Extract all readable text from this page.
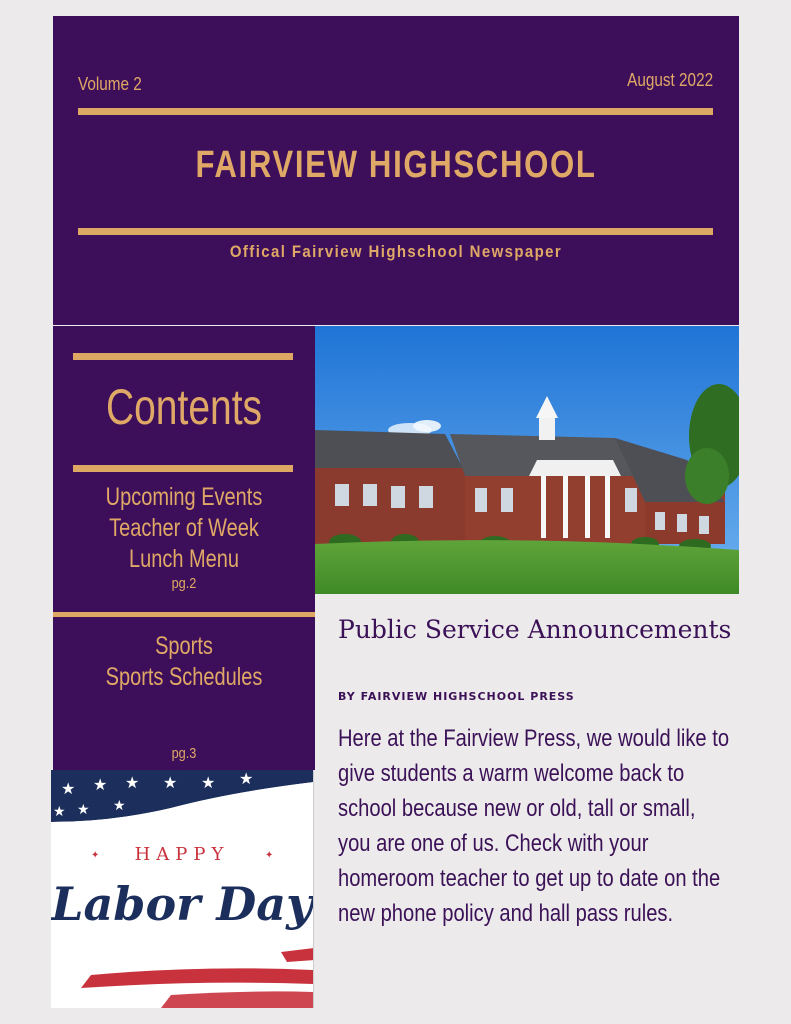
Volume 2	August 2022
FAIRVIEW HIGHSCHOOL
Offical Fairview Highschool Newspaper
Contents
Upcoming Events
Teacher of Week
Lunch Menu
pg.2
Sports
Sports Schedules
pg.3
★ ★ ★ ★ ★ ★
★ ★
★
HAPPY
✦	✦
Labor Day
Public Service Announcements
BY FAIRVIEW HIGHSCHOOL PRESS
Here at the Fairview Press, we would like to give students a warm welcome back to school because new or old, tall or small, you are one of us. Check with your homeroom teacher to get up to date on the new phone policy and hall pass rules.
